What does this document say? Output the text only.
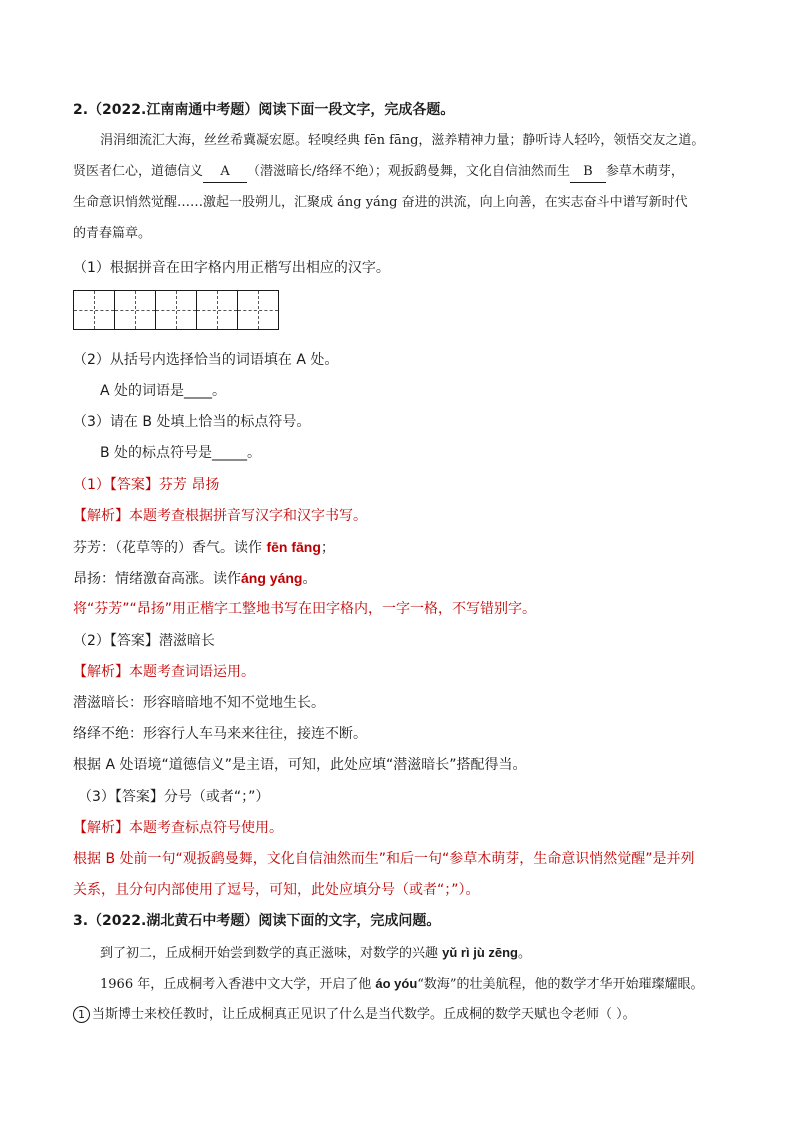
2.（2022.江南南通中考题）阅读下面一段文字，完成各题。
涓涓细流汇大海，丝丝希冀凝宏愿。轻嗅经典 fēn fāng，滋养精神力量；静听诗人轻吟，领悟交友之道。
贤医者仁心，道德信义 A （潜滋暗长/络绎不绝）；观扳鹞曼舞，文化自信油然而生 B 参草木萌芽，
生命意识悄然觉醒……激起一股朔儿，汇聚成 áng yáng 奋进的洪流，向上向善，在实志奋斗中谱写新时代
的青春篇章。
（1）根据拼音在田字格内用正楷写出相应的汉字。
（2）从括号内选择恰当的词语填在 A 处。
A 处的词语是____。
（3）请在 B 处填上恰当的标点符号。
B 处的标点符号是_____。
（1）【答案】芬芳 昂扬
【解析】本题考查根据拼音写汉字和汉字书写。
芬芳：（花草等的）香气。读作 fēn fāng；
昂扬：情绪激奋高涨。读作áng yáng。
将“芬芳”“昂扬”用正楷字工整地书写在田字格内，一字一格，不写错别字。
（2）【答案】潜滋暗长
【解析】本题考查词语运用。
潜滋暗长：形容暗暗地不知不觉地生长。
络绎不绝：形容行人车马来来往往，接连不断。
根据 A 处语境“道德信义”是主语，可知，此处应填“潜滋暗长”搭配得当。
（3）【答案】分号（或者“；”）
【解析】本题考查标点符号使用。
根据 B 处前一句“观扳鹞曼舞，文化自信油然而生”和后一句“参草木萌芽，生命意识悄然觉醒”是并列
关系，且分句内部使用了逗号，可知，此处应填分号（或者“；”）。
3.（2022.湖北黄石中考题）阅读下面的文字，完成问题。
到了初二，丘成桐开始尝到数学的真正滋味，对数学的兴趣 yǔ rì jù zēng。
1966 年，丘成桐考入香港中文大学，开启了他 áo yóu“数海”的壮美航程，他的数学才华开始璀璨耀眼。
1 当斯博士来校任教时，让丘成桐真正见识了什么是当代数学。丘成桐的数学天赋也令老师（ ）。
